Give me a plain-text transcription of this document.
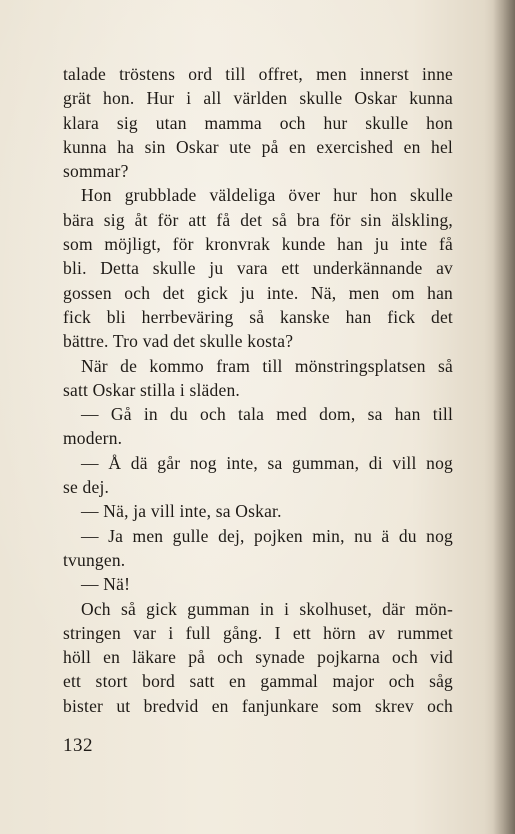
talade tröstens ord till offret, men innerst inne
grät hon. Hur i all världen skulle Oskar kunna
klara sig utan mamma och hur skulle hon
kunna ha sin Oskar ute på en exercished en hel
sommar?
Hon grubblade väldeliga över hur hon skulle
bära sig åt för att få det så bra för sin älskling,
som möjligt, för kronvrak kunde han ju inte få
bli. Detta skulle ju vara ett underkännande av
gossen och det gick ju inte. Nä, men om han
fick bli herrbeväring så kanske han fick det
bättre. Tro vad det skulle kosta?
När de kommo fram till mönstringsplatsen så
satt Oskar stilla i släden.
— Gå in du och tala med dom, sa han till
modern.
— Å dä går nog inte, sa gumman, di vill nog
se dej.
— Nä, ja vill inte, sa Oskar.
— Ja men gulle dej, pojken min, nu ä du nog
tvungen.
— Nä!
Och så gick gumman in i skolhuset, där mön-
stringen var i full gång. I ett hörn av rummet
höll en läkare på och synade pojkarna och vid
ett stort bord satt en gammal major och såg
bister ut bredvid en fanjunkare som skrev och
132
